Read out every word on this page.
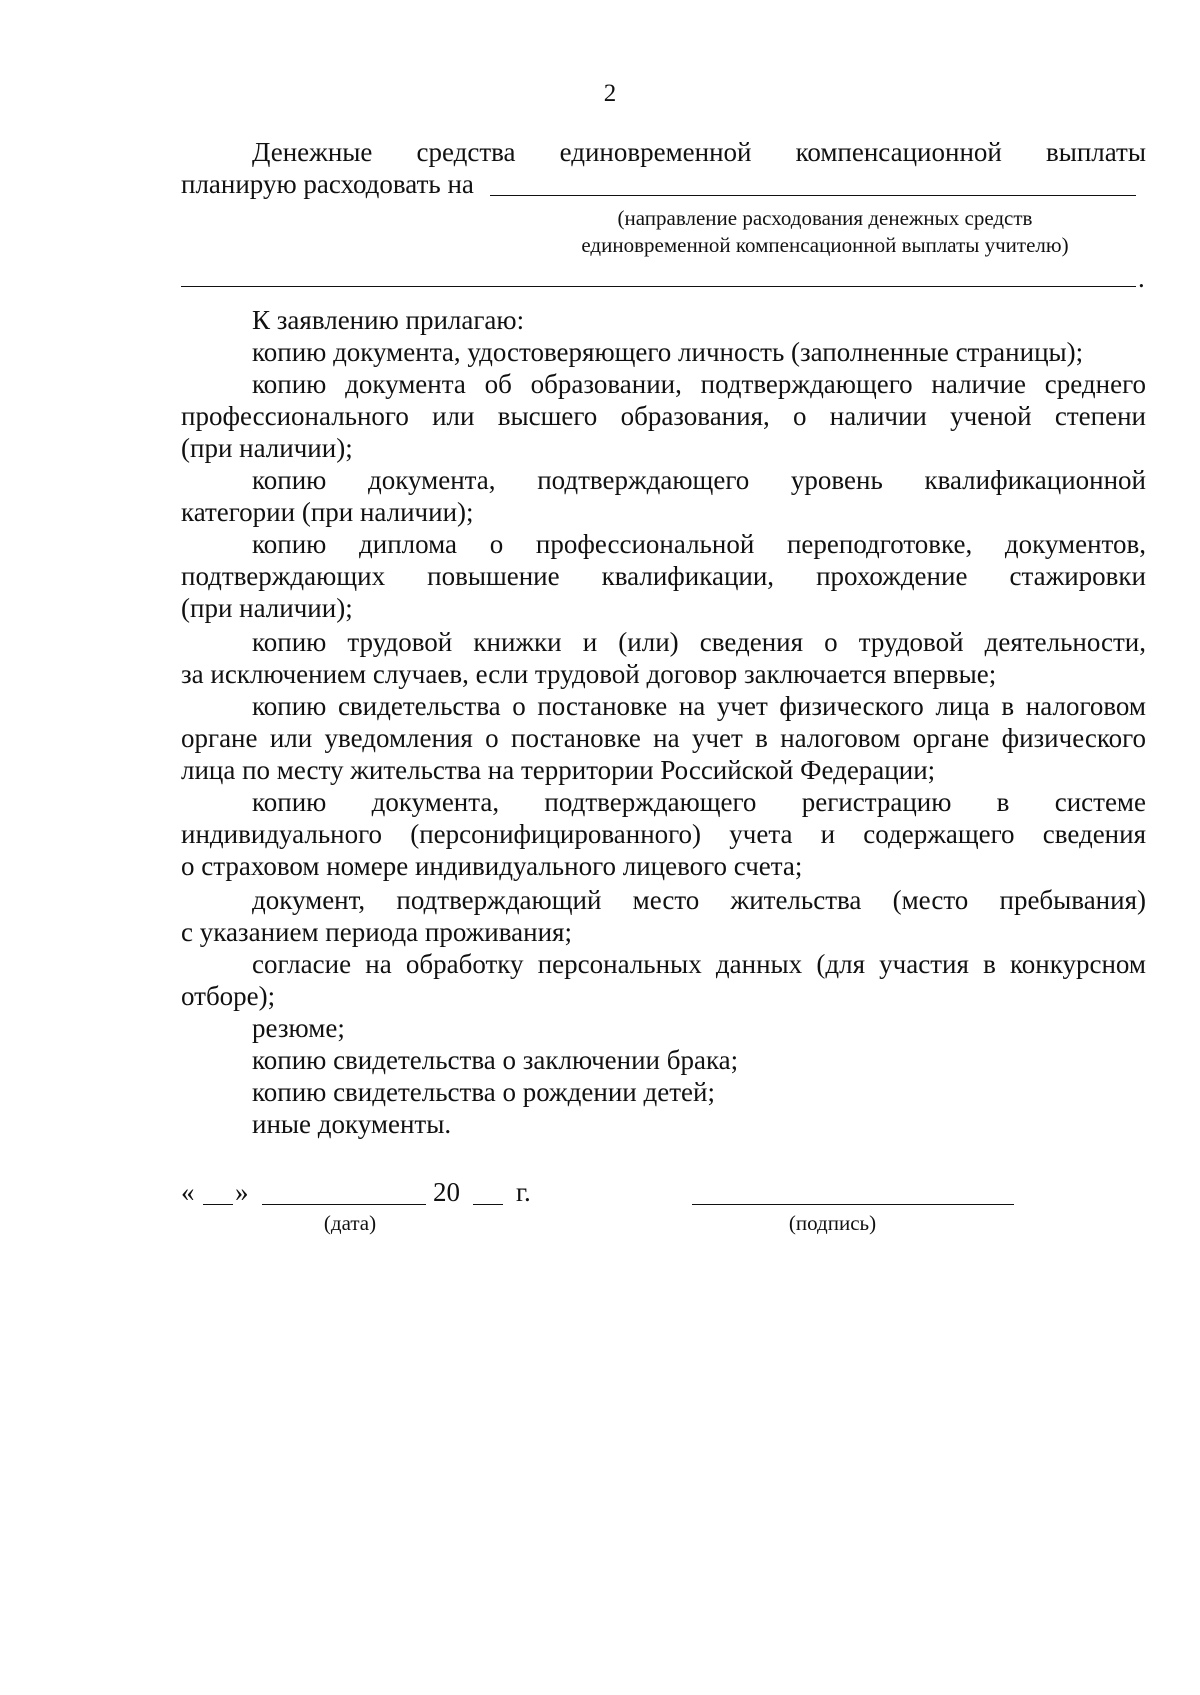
2
Денежные средства единовременной компенсационной выплаты
планирую расходовать на
(направление расходования денежных средств
единовременной компенсационной выплаты учителю)
.
К заявлению прилагаю:
копию документа, удостоверяющего личность (заполненные страницы);
копию документа об образовании, подтверждающего наличие среднего
профессионального или высшего образования, о наличии ученой степени
(при наличии);
копию документа, подтверждающего уровень квалификационной
категории (при наличии);
копию диплома о профессиональной переподготовке, документов,
подтверждающих повышение квалификации, прохождение стажировки
(при наличии);
копию трудовой книжки и (или) сведения о трудовой деятельности,
за исключением случаев, если трудовой договор заключается впервые;
копию свидетельства о постановке на учет физического лица в налоговом
органе или уведомления о постановке на учет в налоговом органе физического
лица по месту жительства на территории Российской Федерации;
копию документа, подтверждающего регистрацию в системе
индивидуального (персонифицированного) учета и содержащего сведения
о страховом номере индивидуального лицевого счета;
документ, подтверждающий место жительства (место пребывания)
с указанием периода проживания;
согласие на обработку персональных данных (для участия в конкурсном
отборе);
резюме;
копию свидетельства о заключении брака;
копию свидетельства о рождении детей;
иные документы.
« »	20 г.
(дата)	(подпись)
